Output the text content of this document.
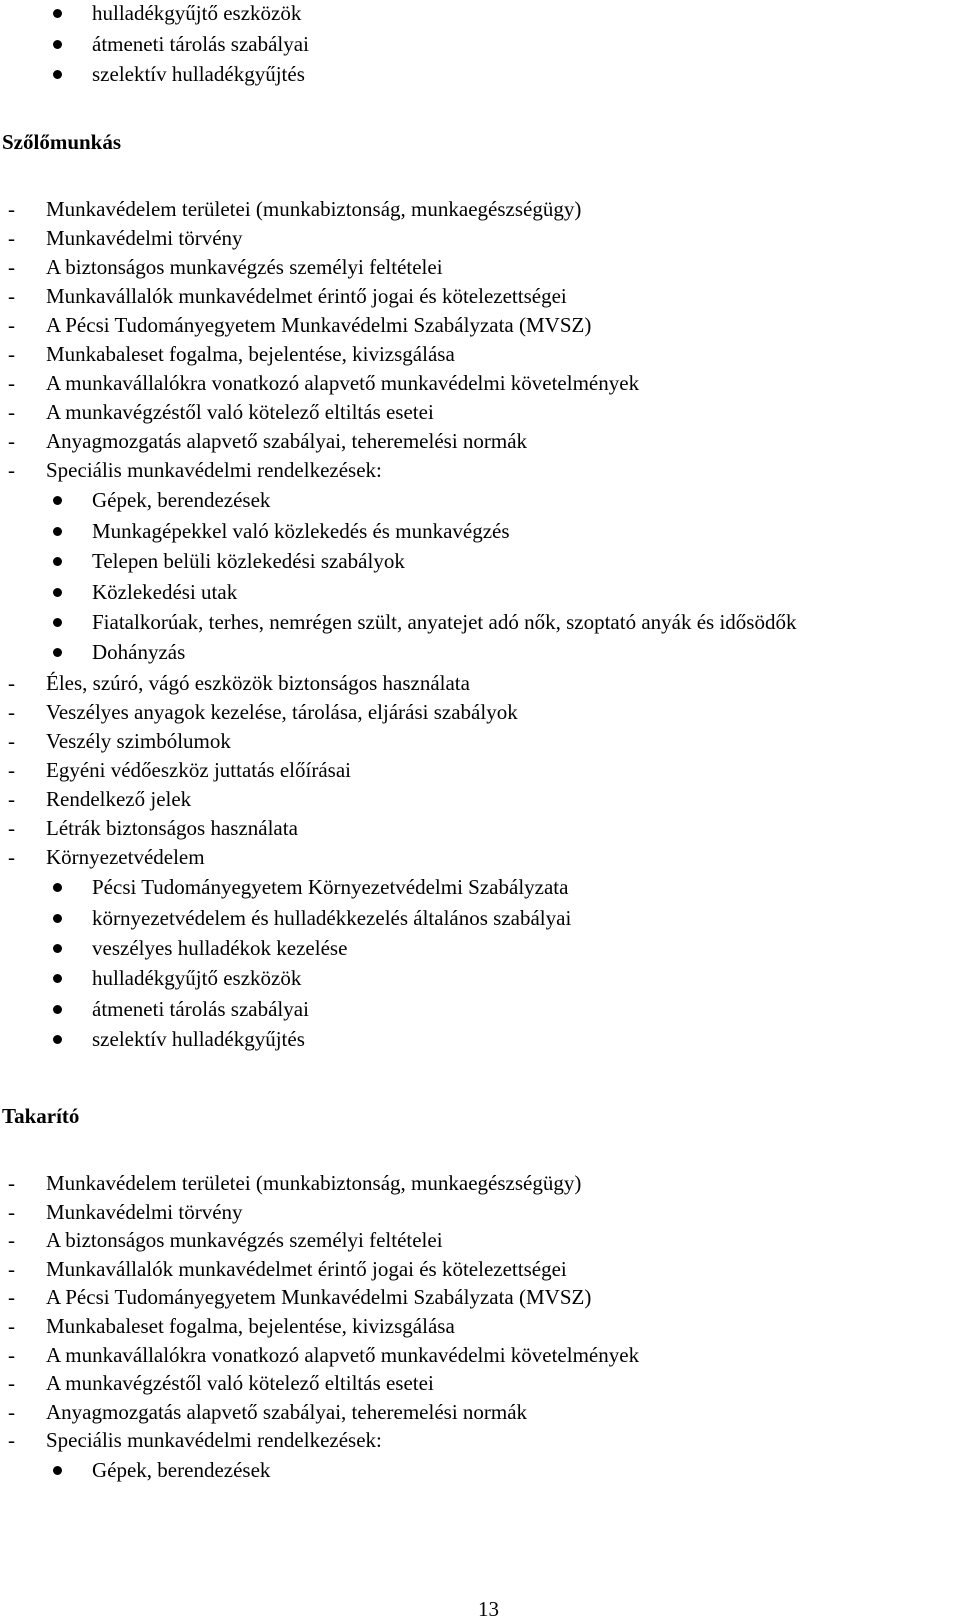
hulladékgyűjtő eszközök
átmeneti tárolás szabályai
szelektív hulladékgyűjtés
Szőlőmunkás
- Munkavédelem területei (munkabiztonság, munkaegészségügy)
- Munkavédelmi törvény
- A biztonságos munkavégzés személyi feltételei
- Munkavállalók munkavédelmet érintő jogai és kötelezettségei
- A Pécsi Tudományegyetem Munkavédelmi Szabályzata (MVSZ)
- Munkabaleset fogalma, bejelentése, kivizsgálása
- A munkavállalókra vonatkozó alapvető munkavédelmi követelmények
- A munkavégzéstől való kötelező eltiltás esetei
- Anyagmozgatás alapvető szabályai, teheremelési normák
- Speciális munkavédelmi rendelkezések:
Gépek, berendezések
Munkagépekkel való közlekedés és munkavégzés
Telepen belüli közlekedési szabályok
Közlekedési utak
Fiatalkorúak, terhes, nemrégen szült, anyatejet adó nők, szoptató anyák és idősödők
Dohányzás
- Éles, szúró, vágó eszközök biztonságos használata
- Veszélyes anyagok kezelése, tárolása, eljárási szabályok
- Veszély szimbólumok
- Egyéni védőeszköz juttatás előírásai
- Rendelkező jelek
- Létrák biztonságos használata
- Környezetvédelem
Pécsi Tudományegyetem Környezetvédelmi Szabályzata
környezetvédelem és hulladékkezelés általános szabályai
veszélyes hulladékok kezelése
hulladékgyűjtő eszközök
átmeneti tárolás szabályai
szelektív hulladékgyűjtés
Takarító
- Munkavédelem területei (munkabiztonság, munkaegészségügy)
- Munkavédelmi törvény
- A biztonságos munkavégzés személyi feltételei
- Munkavállalók munkavédelmet érintő jogai és kötelezettségei
- A Pécsi Tudományegyetem Munkavédelmi Szabályzata (MVSZ)
- Munkabaleset fogalma, bejelentése, kivizsgálása
- A munkavállalókra vonatkozó alapvető munkavédelmi követelmények
- A munkavégzéstől való kötelező eltiltás esetei
- Anyagmozgatás alapvető szabályai, teheremelési normák
- Speciális munkavédelmi rendelkezések:
Gépek, berendezések
13
